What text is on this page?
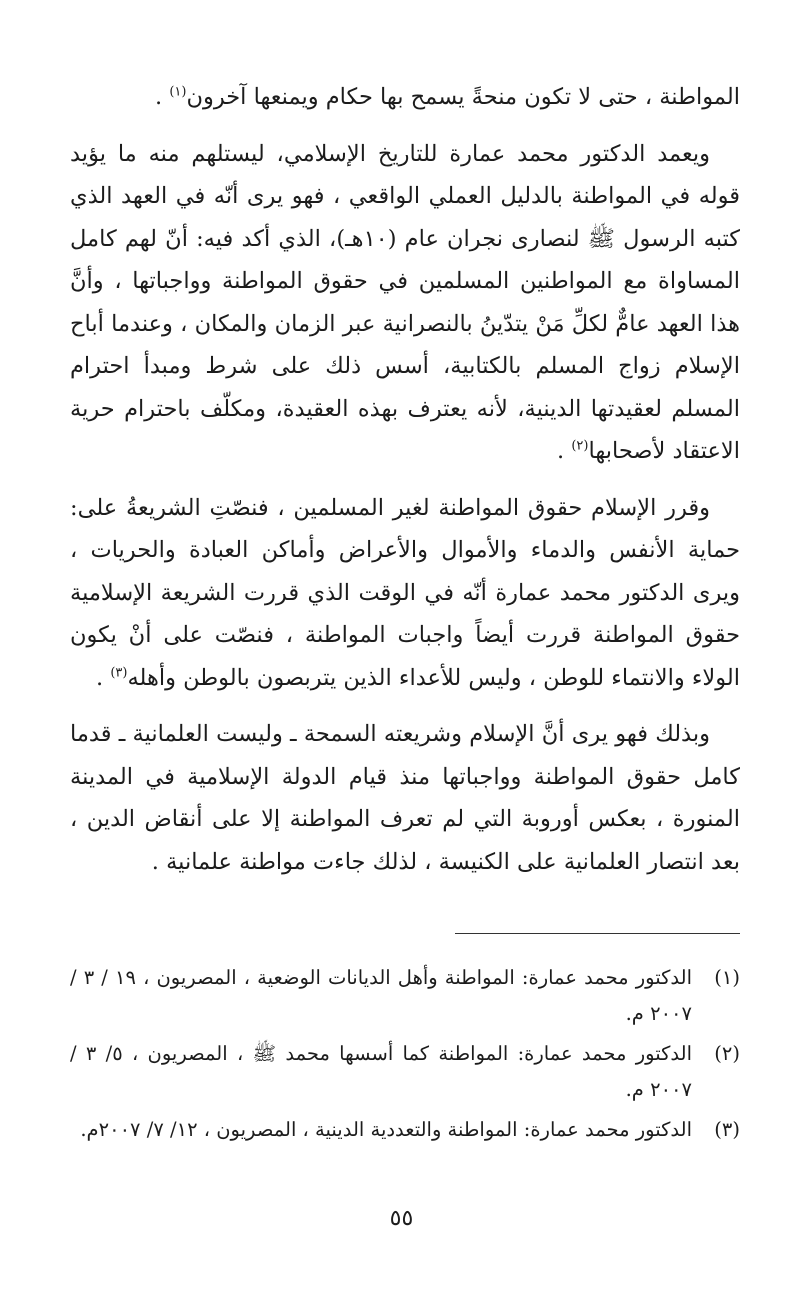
المواطنة ، حتى لا تكون منحةً يسمح بها حكام ويمنعها آخرون$^{(١)}$ .

ويعمد الدكتور محمد عمارة للتاريخ الإسلامي، ليستلهم منه ما يؤيد قوله في المواطنة بالدليل العملي الواقعي ، فهو يرى أنّه في العهد الذي كتبه الرسول ﷺ لنصارى نجران عام (١٠هـ)، الذي أكد فيه: أنّ لهم كامل المساواة مع المواطنين المسلمين في حقوق المواطنة وواجباتها ، وأنَّ هذا العهد عامٌّ لكلِّ مَنْ يتدّينُ بالنصرانية عبر الزمان والمكان ، وعندما أباح الإسلام زواج المسلم بالكتابية، أسس ذلك على شرط ومبدأ احترام المسلم لعقيدتها الدينية، لأنه يعترف بهذه العقيدة، ومكلّف باحترام حرية الاعتقاد لأصحابها$^{(٢)}$ .

وقرر الإسلام حقوق المواطنة لغير المسلمين ، فنصّتِ الشريعةُ على: حماية الأنفس والدماء والأموال والأعراض وأماكن العبادة والحريات ، ويرى الدكتور محمد عمارة أنّه في الوقت الذي قررت الشريعة الإسلامية حقوق المواطنة قررت أيضاً واجبات المواطنة ، فنصّت على أنْ يكون الولاء والانتماء للوطن ، وليس للأعداء الذين يتربصون بالوطن وأهله$^{(٣)}$ .

وبذلك فهو يرى أنَّ الإسلام وشريعته السمحة ـ وليست العلمانية ـ قدما كامل حقوق المواطنة وواجباتها منذ قيام الدولة الإسلامية في المدينة المنورة ، بعكس أوروبة التي لم تعرف المواطنة إلا على أنقاض الدين ، بعد انتصار العلمانية على الكنيسة ، لذلك جاءت مواطنة علمانية .

(١)
الدكتور محمد عمارة: المواطنة وأهل الديانات الوضعية ، المصريون ، ١٩ / ٣ / ٢٠٠٧ م.
(٢)
الدكتور محمد عمارة: المواطنة كما أسسها محمد ﷺ ، المصريون ، ٥/ ٣ /٢٠٠٧ م.
(٣)
الدكتور محمد عمارة: المواطنة والتعددية الدينية ، المصريون ، ١٢/ ٧/ ٢٠٠٧م.
٥٥
